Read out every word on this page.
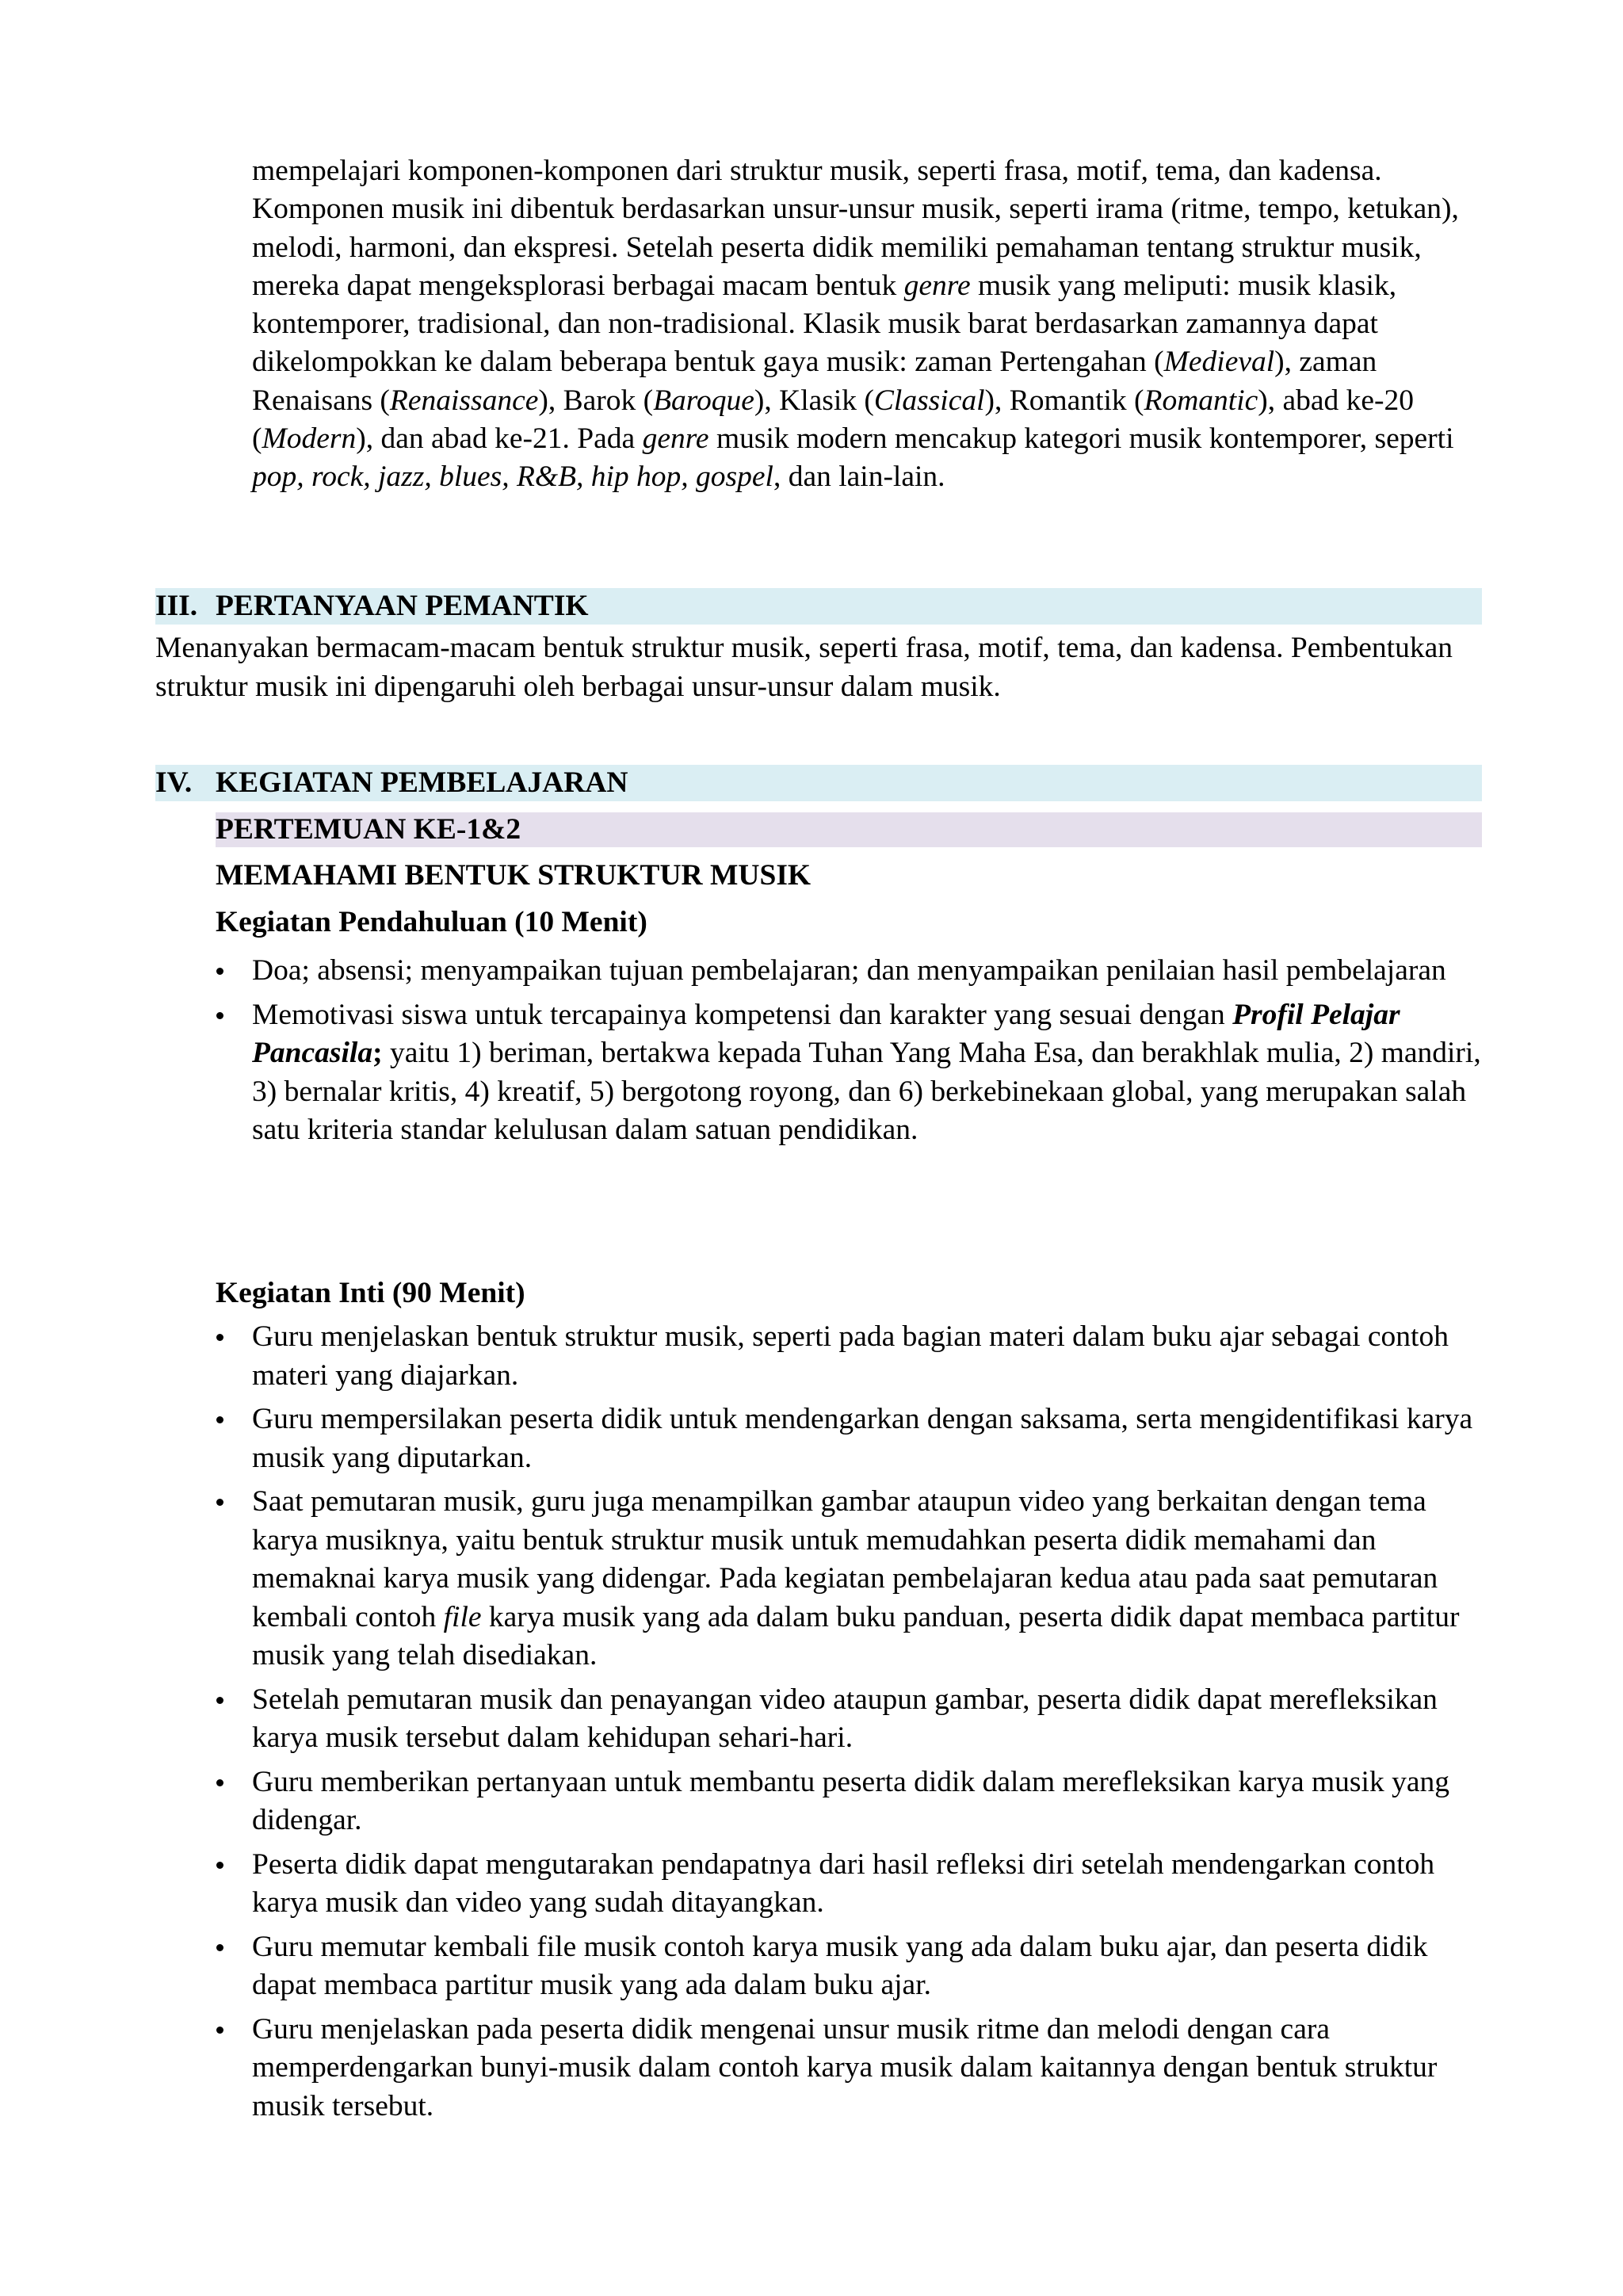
mempelajari komponen-komponen dari struktur musik, seperti frasa, motif, tema, dan kadensa. Komponen musik ini dibentuk berdasarkan unsur-unsur musik, seperti irama (ritme, tempo, ketukan), melodi, harmoni, dan ekspresi. Setelah peserta didik memiliki pemahaman tentang struktur musik, mereka dapat mengeksplorasi berbagai macam bentuk genre musik yang meliputi: musik klasik, kontemporer, tradisional, dan non-tradisional. Klasik musik barat berdasarkan zamannya dapat dikelompokkan ke dalam beberapa bentuk gaya musik: zaman Pertengahan (Medieval), zaman Renaisans (Renaissance), Barok (Baroque), Klasik (Classical), Romantik (Romantic), abad ke-20 (Modern), dan abad ke-21. Pada genre musik modern mencakup kategori musik kontemporer, seperti pop, rock, jazz, blues, R&B, hip hop, gospel, dan lain-lain.

III. PERTANYAAN PEMANTIK
Menanyakan bermacam-macam bentuk struktur musik, seperti frasa, motif, tema, dan kadensa. Pembentukan struktur musik ini dipengaruhi oleh berbagai unsur-unsur dalam musik.
IV. KEGIATAN PEMBELAJARAN
PERTEMUAN KE-1&2
MEMAHAMI BENTUK STRUKTUR MUSIK
Kegiatan Pendahuluan (10 Menit)
Doa; absensi; menyampaikan tujuan pembelajaran; dan menyampaikan penilaian hasil pembelajaran
Memotivasi siswa untuk tercapainya kompetensi dan karakter yang sesuai dengan Profil Pelajar Pancasila; yaitu 1) beriman, bertakwa kepada Tuhan Yang Maha Esa, dan berakhlak mulia, 2) mandiri, 3) bernalar kritis, 4) kreatif, 5) bergotong royong, dan 6) berkebinekaan global, yang merupakan salah satu kriteria standar kelulusan dalam satuan pendidikan.
Kegiatan Inti (90 Menit)
Guru menjelaskan bentuk struktur musik, seperti pada bagian materi dalam buku ajar sebagai contoh materi yang diajarkan.
Guru mempersilakan peserta didik untuk mendengarkan dengan saksama, serta mengidentifikasi karya musik yang diputarkan.
Saat pemutaran musik, guru juga menampilkan gambar ataupun video yang berkaitan dengan tema karya musiknya, yaitu bentuk struktur musik untuk memudahkan peserta didik memahami dan memaknai karya musik yang didengar. Pada kegiatan pembelajaran kedua atau pada saat pemutaran kembali contoh file karya musik yang ada dalam buku panduan, peserta didik dapat membaca partitur musik yang telah disediakan.
Setelah pemutaran musik dan penayangan video ataupun gambar, peserta didik dapat merefleksikan karya musik tersebut dalam kehidupan sehari-hari.
Guru memberikan pertanyaan untuk membantu peserta didik dalam merefleksikan karya musik yang didengar.
Peserta didik dapat mengutarakan pendapatnya dari hasil refleksi diri setelah mendengarkan contoh karya musik dan video yang sudah ditayangkan.
Guru memutar kembali file musik contoh karya musik yang ada dalam buku ajar, dan peserta didik dapat membaca partitur musik yang ada dalam buku ajar.
Guru menjelaskan pada peserta didik mengenai unsur musik ritme dan melodi dengan cara memperdengarkan bunyi-musik dalam contoh karya musik dalam kaitannya dengan bentuk struktur musik tersebut.
